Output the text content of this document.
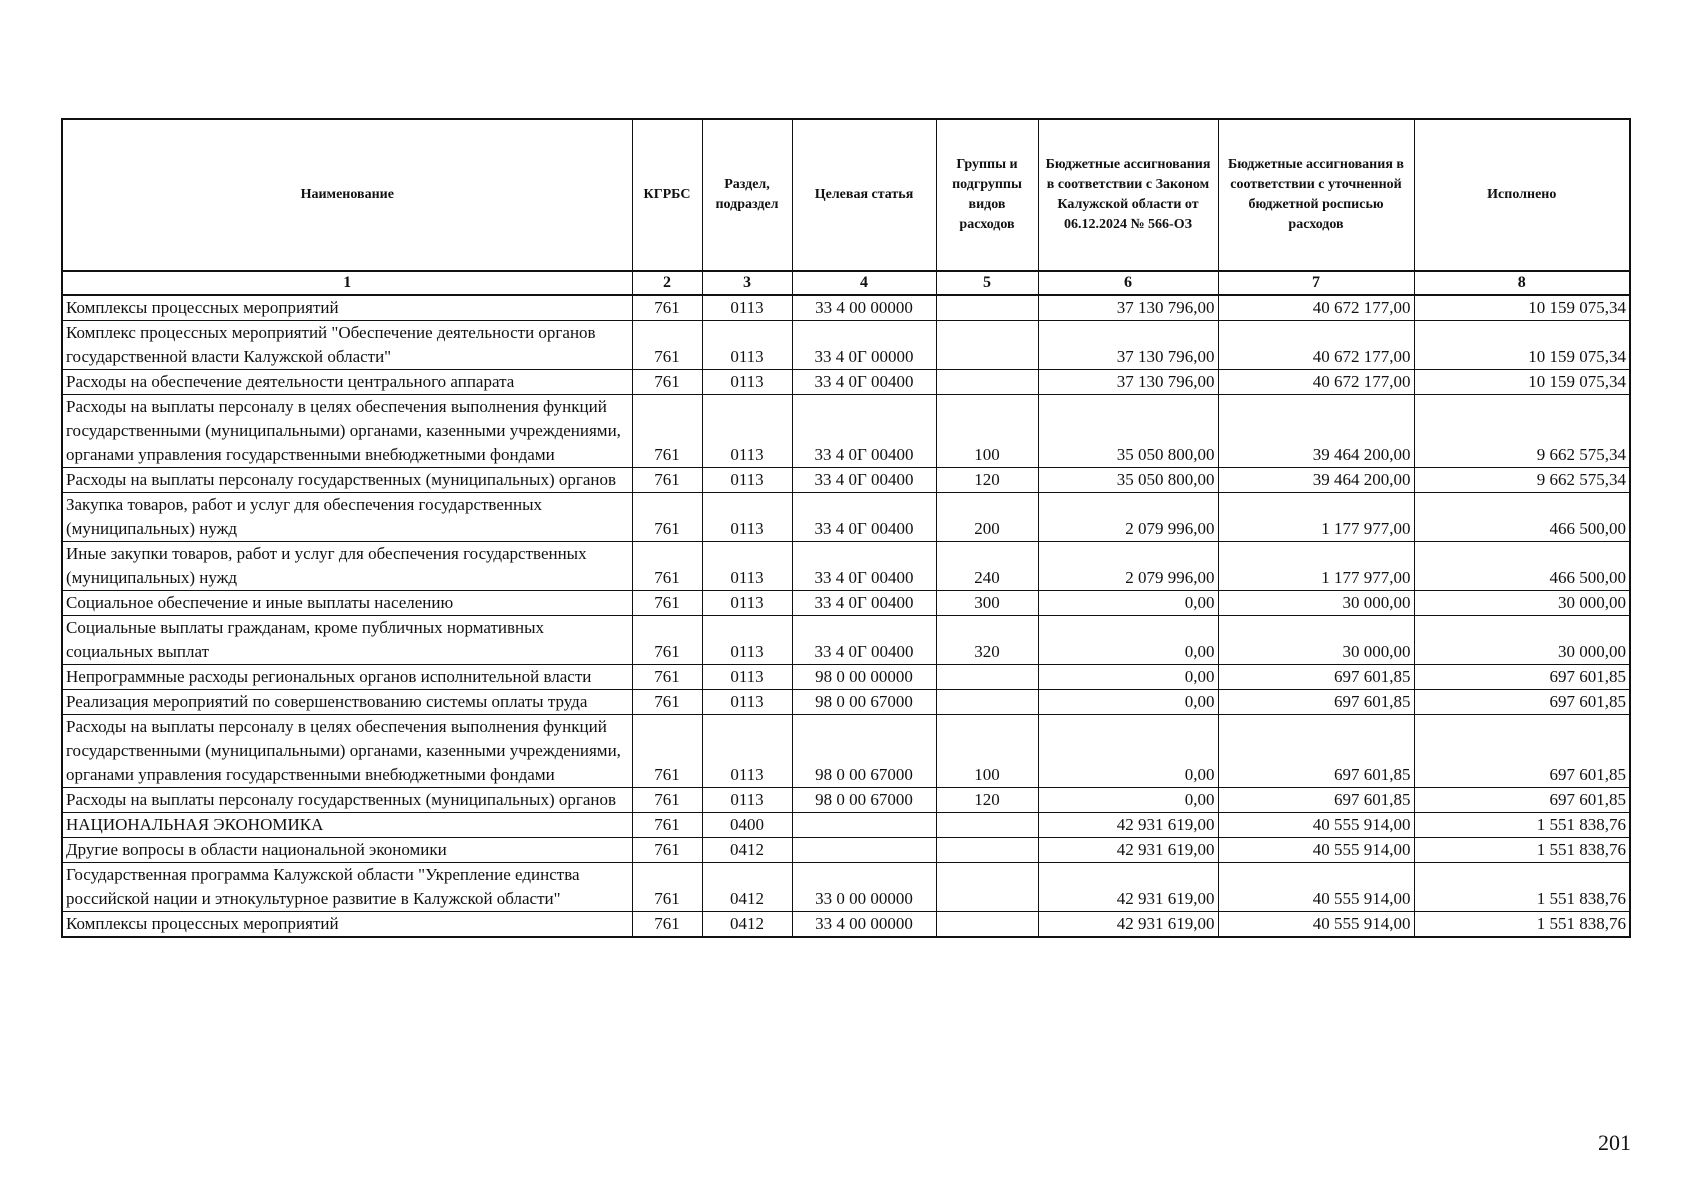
Наименование	КГРБС	Раздел, подраздел	Целевая статья	Группы и подгруппы видов расходов	Бюджетные ассигнования в соответствии с Законом Калужской области от 06.12.2024 № 566-ОЗ	Бюджетные ассигнования в соответствии с уточненной бюджетной росписью расходов	Исполнено
1	2	3	4	5	6	7	8
Комплексы процессных мероприятий	761	0113	33 4 00 00000		37 130 796,00	40 672 177,00	10 159 075,34
Комплекс процессных мероприятий "Обеспечение деятельности органов государственной власти Калужской области"	761	0113	33 4 0Г 00000		37 130 796,00	40 672 177,00	10 159 075,34
Расходы на обеспечение деятельности центрального аппарата	761	0113	33 4 0Г 00400		37 130 796,00	40 672 177,00	10 159 075,34
Расходы на выплаты персоналу в целях обеспечения выполнения функций государственными (муниципальными) органами, казенными учреждениями, органами управления государственными внебюджетными фондами	761	0113	33 4 0Г 00400	100	35 050 800,00	39 464 200,00	9 662 575,34
Расходы на выплаты персоналу государственных (муниципальных) органов	761	0113	33 4 0Г 00400	120	35 050 800,00	39 464 200,00	9 662 575,34
Закупка товаров, работ и услуг для обеспечения государственных (муниципальных) нужд	761	0113	33 4 0Г 00400	200	2 079 996,00	1 177 977,00	466 500,00
Иные закупки товаров, работ и услуг для обеспечения государственных (муниципальных) нужд	761	0113	33 4 0Г 00400	240	2 079 996,00	1 177 977,00	466 500,00
Социальное обеспечение и иные выплаты населению	761	0113	33 4 0Г 00400	300	0,00	30 000,00	30 000,00
Социальные выплаты гражданам, кроме публичных нормативных социальных выплат	761	0113	33 4 0Г 00400	320	0,00	30 000,00	30 000,00
Непрограммные расходы региональных органов исполнительной власти	761	0113	98 0 00 00000		0,00	697 601,85	697 601,85
Реализация мероприятий по совершенствованию системы оплаты труда	761	0113	98 0 00 67000		0,00	697 601,85	697 601,85
Расходы на выплаты персоналу в целях обеспечения выполнения функций государственными (муниципальными) органами, казенными учреждениями, органами управления государственными внебюджетными фондами	761	0113	98 0 00 67000	100	0,00	697 601,85	697 601,85
Расходы на выплаты персоналу государственных (муниципальных) органов	761	0113	98 0 00 67000	120	0,00	697 601,85	697 601,85
НАЦИОНАЛЬНАЯ ЭКОНОМИКА	761	0400			42 931 619,00	40 555 914,00	1 551 838,76
Другие вопросы в области национальной экономики	761	0412			42 931 619,00	40 555 914,00	1 551 838,76
Государственная программа Калужской области "Укрепление единства российской нации и этнокультурное развитие в Калужской области"	761	0412	33 0 00 00000		42 931 619,00	40 555 914,00	1 551 838,76
Комплексы процессных мероприятий	761	0412	33 4 00 00000		42 931 619,00	40 555 914,00	1 551 838,76
201
